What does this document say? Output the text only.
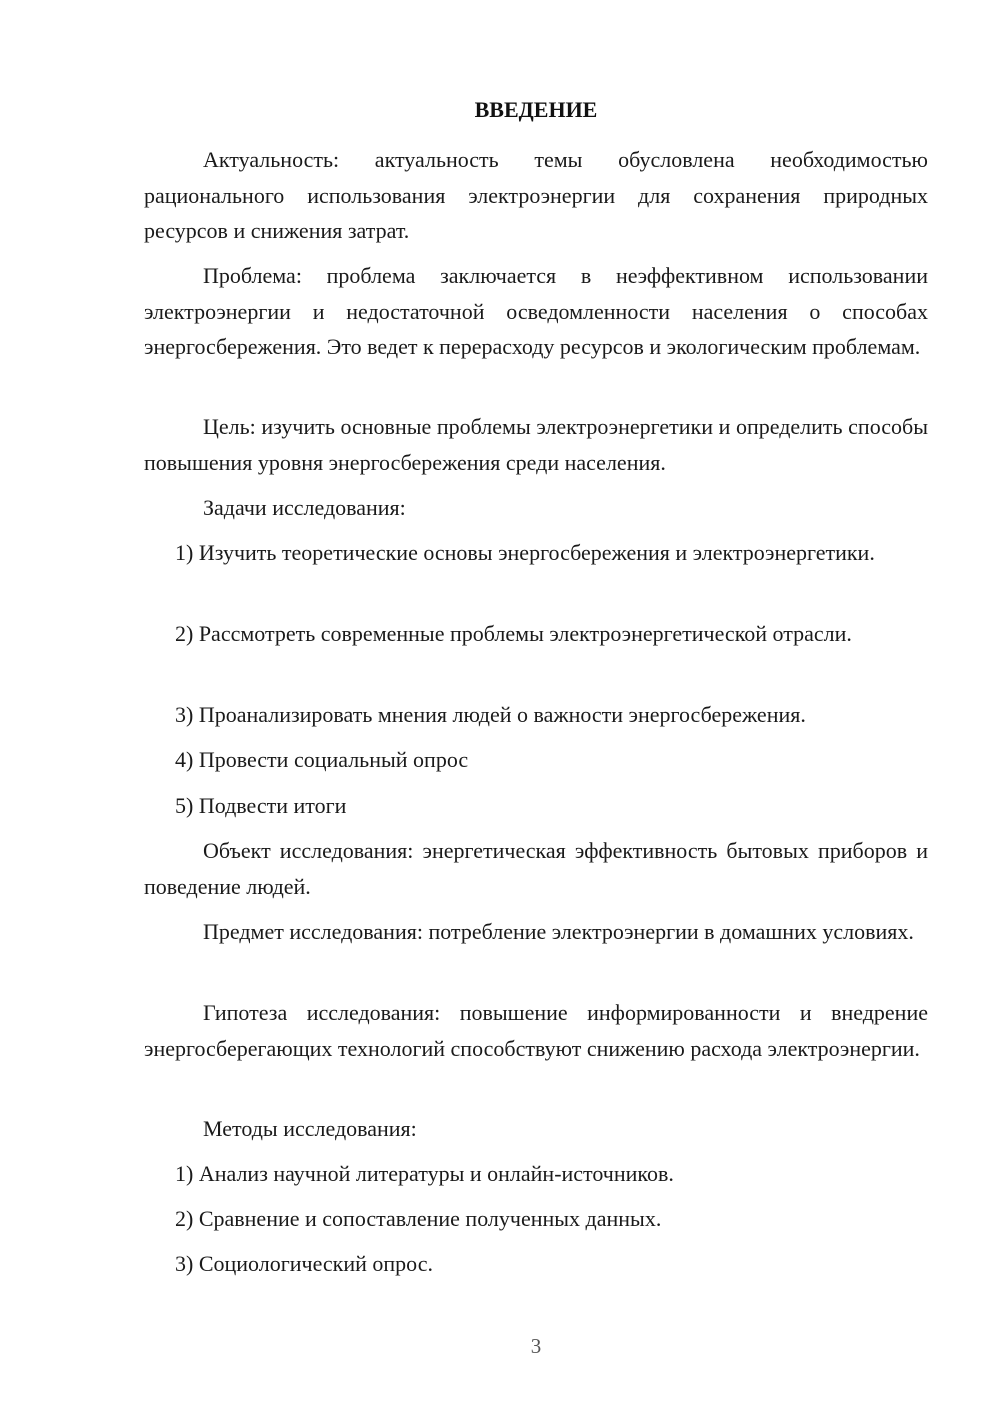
ВВЕДЕНИЕ

Актуальность: актуальность темы обусловлена необходимостью рационального использования электроэнергии для сохранения природных ресурсов и снижения затрат.

Проблема: проблема заключается в неэффективном использовании электроэнергии и недостаточной осведомленности населения о способах энергосбережения. Это ведет к перерасходу ресурсов и экологическим проблемам.

Цель: изучить основные проблемы электроэнергетики и определить способы повышения уровня энергосбережения среди населения.

Задачи исследования:

1) Изучить теоретические основы энергосбережения и электроэнергетики.

2) Рассмотреть современные проблемы электроэнергетической отрасли.

3) Проанализировать мнения людей о важности энергосбережения.

4) Провести социальный опрос

5) Подвести итоги

Объект исследования: энергетическая эффективность бытовых приборов и поведение людей.

Предмет исследования: потребление электроэнергии в домашних условиях.

Гипотеза исследования: повышение информированности и внедрение энергосберегающих технологий способствуют снижению расхода электроэнергии.

Методы исследования:

1) Анализ научной литературы и онлайн-источников.

2) Сравнение и сопоставление полученных данных.

3) Социологический опрос.

3
